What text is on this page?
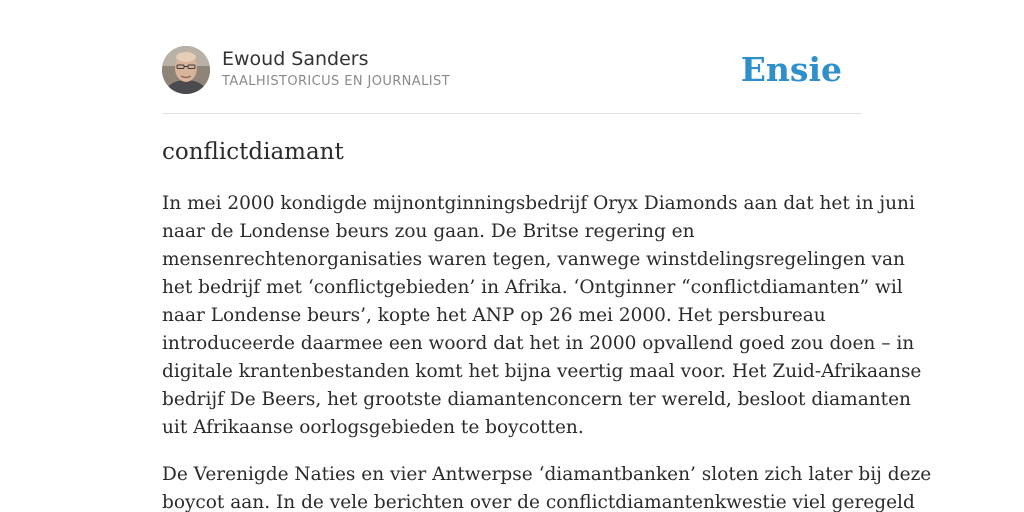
Ewoud Sanders
TAALHISTORICUS EN JOURNALIST	Ensie
conflictdiamant

In mei 2000 kondigde mijnontginningsbedrijf Oryx Diamonds aan dat het in juni
naar de Londense beurs zou gaan. De Britse regering en
mensenrechtenorganisaties waren tegen, vanwege winstdelingsregelingen van
het bedrijf met ‘conflictgebieden’ in Afrika. ‘Ontginner “conflictdiamanten” wil
naar Londense beurs’, kopte het ANP op 26 mei 2000. Het persbureau
introduceerde daarmee een woord dat het in 2000 opvallend goed zou doen – in
digitale krantenbestanden komt het bijna veertig maal voor. Het Zuid-Afrikaanse
bedrijf De Beers, het grootste diamantenconcern ter wereld, besloot diamanten
uit Afrikaanse oorlogsgebieden te boycotten.

De Verenigde Naties en vier Antwerpse ‘diamantbanken’ sloten zich later bij deze
boycot aan. In de vele berichten over de conflictdiamantenkwestie viel geregeld
